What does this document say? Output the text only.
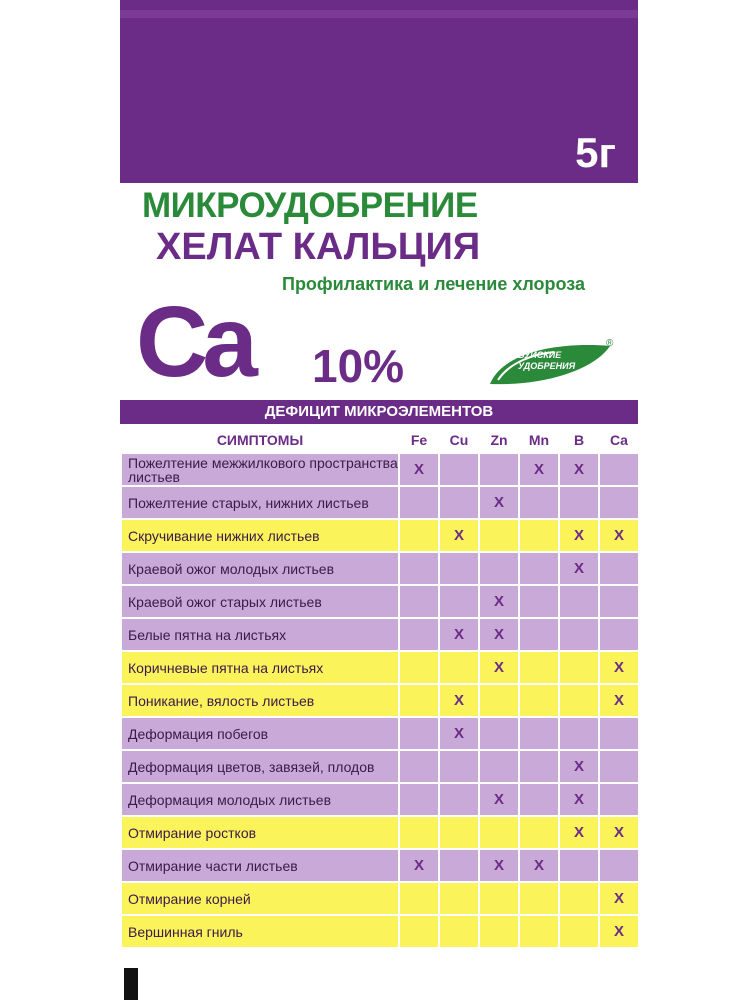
5г
МИКРОУДОБРЕНИЕ
ХЕЛАТ КАЛЬЦИЯ
Профилактика и лечение хлороза
Ca 10%	БУЙСКИЕ
УДОБРЕНИЯ
®
ДЕФИЦИТ МИКРОЭЛЕМЕНТОВ
СИМПТОМЫ	Fe	Cu	Zn	Mn	B	Ca
Пожелтение межжилкового пространства листьев	X			X	X	
Пожелтение старых, нижних листьев			X			
Скручивание нижних листьев		X			X	X
Краевой ожог молодых листьев					X	
Краевой ожог старых листьев			X			
Белые пятна на листьях		X	X			
Коричневые пятна на листьях			X			X
Поникание, вялость листьев		X				X
Деформация побегов		X				
Деформация цветов, завязей, плодов					X	
Деформация молодых листьев			X		X	
Отмирание ростков					X	X
Отмирание части листьев	X		X	X		
Отмирание корней						X
Вершинная гниль						X
